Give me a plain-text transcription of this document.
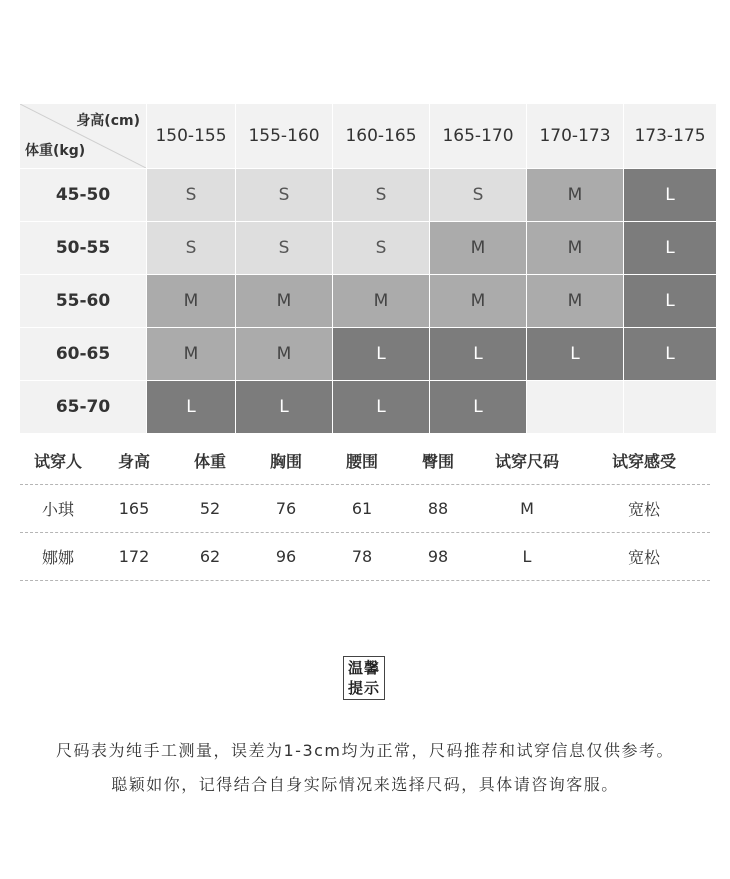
身高(cm)
体重(kg)
150-155	155-160	160-165	165-170	170-173	173-175
45-50	S	S	S	S	M	L
50-55	S	S	S	M	M	L
55-60	M	M	M	M	M	L
60-65	M	M	L	L	L	L
65-70	L	L	L	L
试穿人	身高	体重	胸围	腰围	臀围	试穿尺码	试穿感受
小琪	165	52	76	61	88	M	宽松
娜娜	172	62	96	78	98	L	宽松
温馨
提示
尺码表为纯手工测量，误差为1-3cm均为正常，尺码推荐和试穿信息仅供参考。
聪颖如你，记得结合自身实际情况来选择尺码，具体请咨询客服。
